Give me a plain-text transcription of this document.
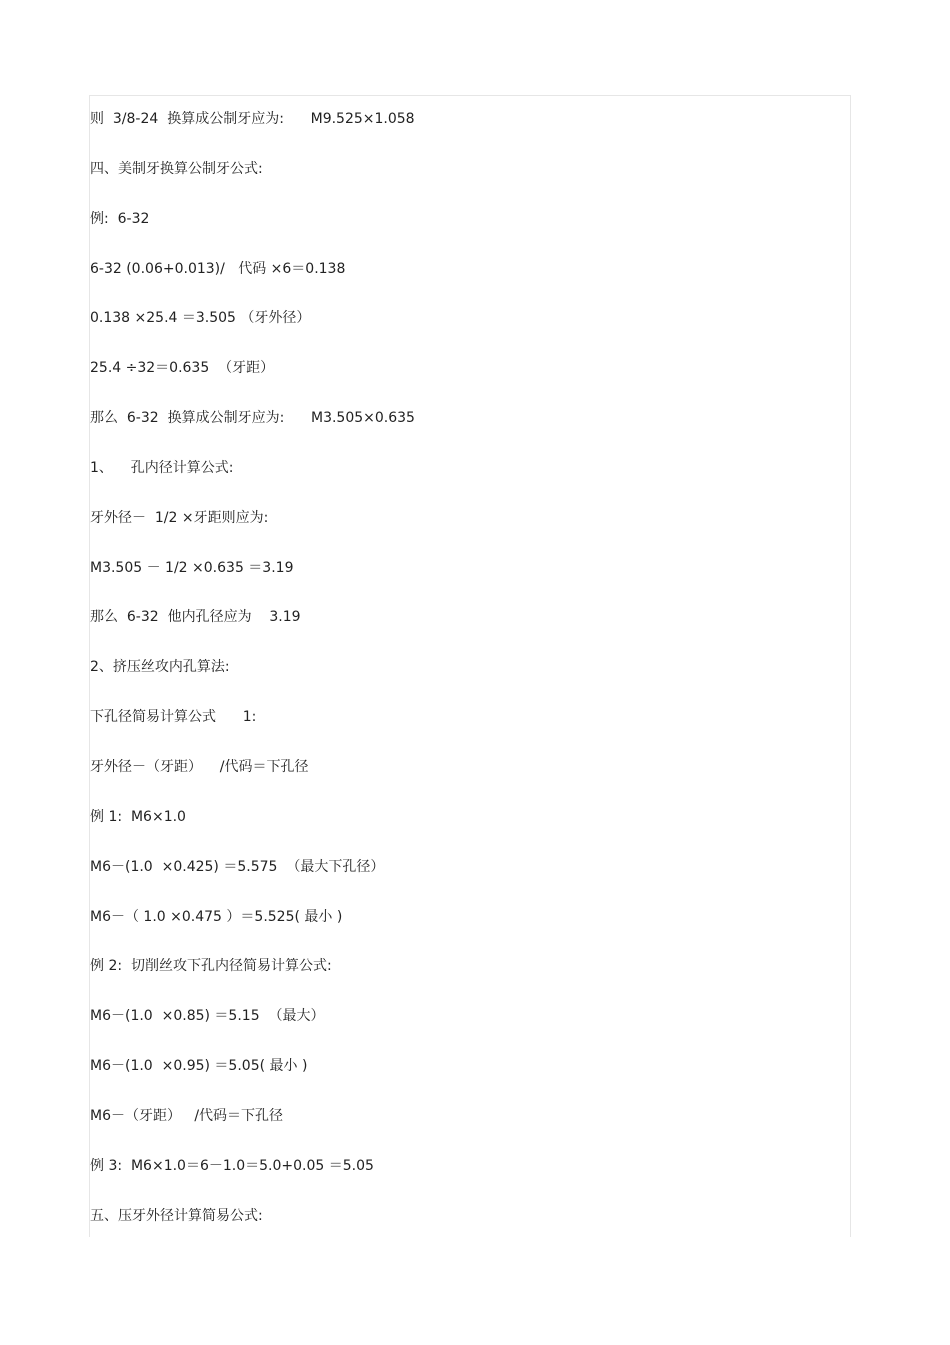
则  3/8-24  换算成公制牙应为:      M9.525×1.058
四、美制牙换算公制牙公式:
例:  6-32
6-32 (0.06+0.013)/   代码 ×6＝0.138
0.138 ×25.4 ＝3.505 （牙外径）
25.4 ÷32＝0.635  （牙距）
那么  6-32  换算成公制牙应为:      M3.505×0.635
1、    孔内径计算公式:
牙外径－  1/2 ×牙距则应为:
M3.505 － 1/2 ×0.635 ＝3.19
那么  6-32  他内孔径应为    3.19
2、挤压丝攻内孔算法:
下孔径简易计算公式      1:
牙外径－（牙距）    /代码＝下孔径
例 1:  M6×1.0
M6－(1.0  ×0.425) ＝5.575  （最大下孔径）
M6－（ 1.0 ×0.475 ）＝5.525( 最小 )
例 2:  切削丝攻下孔内径简易计算公式:
M6－(1.0  ×0.85) ＝5.15  （最大）
M6－(1.0  ×0.95) ＝5.05( 最小 )
M6－（牙距）   /代码＝下孔径
例 3:  M6×1.0＝6－1.0＝5.0+0.05 ＝5.05
五、压牙外径计算简易公式:
